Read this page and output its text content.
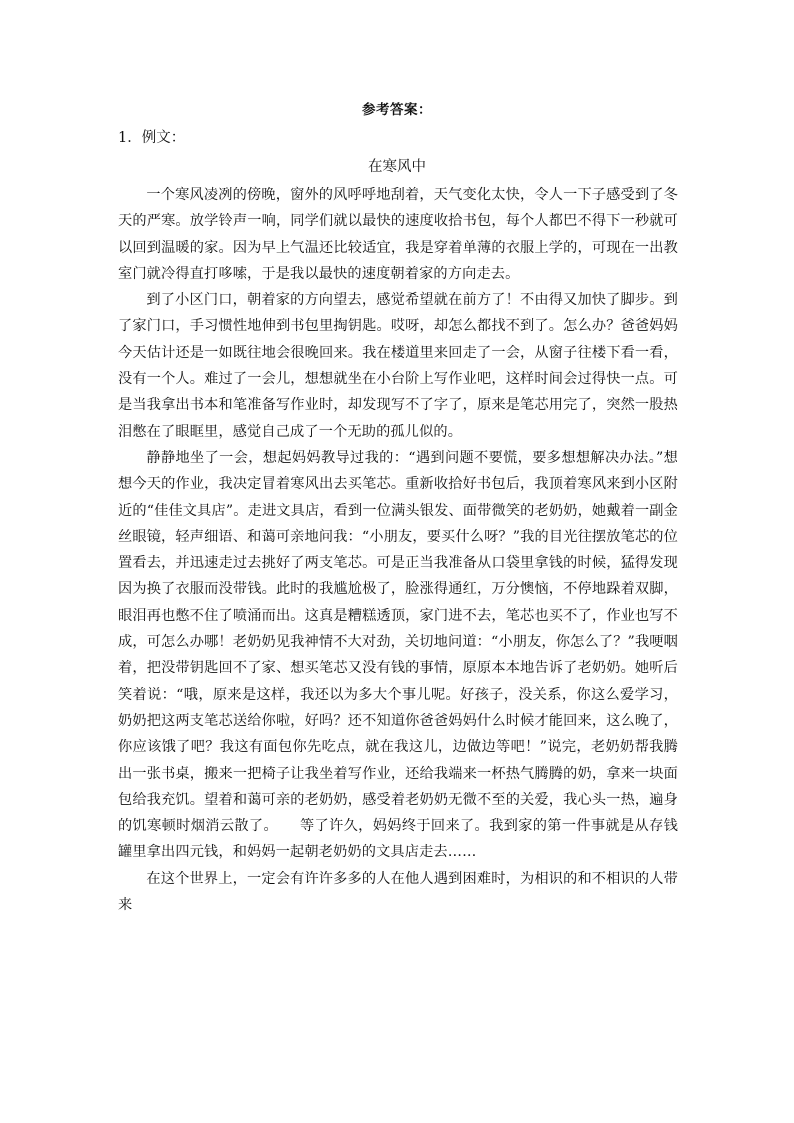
参考答案：
1．例文：
在寒风中

一个寒风凌冽的傍晚，窗外的风呼呼地刮着，天气变化太快，令人一下子感受到了冬天的严寒。放学铃声一响，同学们就以最快的速度收拾书包，每个人都巴不得下一秒就可以回到温暖的家。因为早上气温还比较适宜，我是穿着单薄的衣服上学的，可现在一出教室门就冷得直打哆嗦，于是我以最快的速度朝着家的方向走去。

到了小区门口，朝着家的方向望去，感觉希望就在前方了！不由得又加快了脚步。到了家门口，手习惯性地伸到书包里掏钥匙。哎呀，却怎么都找不到了。怎么办？爸爸妈妈今天估计还是一如既往地会很晚回来。我在楼道里来回走了一会，从窗子往楼下看一看，没有一个人。难过了一会儿，想想就坐在小台阶上写作业吧，这样时间会过得快一点。可是当我拿出书本和笔准备写作业时，却发现写不了字了，原来是笔芯用完了，突然一股热泪憋在了眼眶里，感觉自己成了一个无助的孤儿似的。

静静地坐了一会，想起妈妈教导过我的：“遇到问题不要慌，要多想想解决办法。”想想今天的作业，我决定冒着寒风出去买笔芯。重新收拾好书包后，我顶着寒风来到小区附近的“佳佳文具店”。走进文具店，看到一位满头银发、面带微笑的老奶奶，她戴着一副金丝眼镜，轻声细语、和蔼可亲地问我：“小朋友，要买什么呀？”我的目光往摆放笔芯的位置看去，并迅速走过去挑好了两支笔芯。可是正当我准备从口袋里拿钱的时候，猛得发现因为换了衣服而没带钱。此时的我尴尬极了，脸涨得通红，万分懊恼，不停地跺着双脚，眼泪再也憋不住了喷涌而出。这真是糟糕透顶，家门进不去，笔芯也买不了，作业也写不成，可怎么办哪！老奶奶见我神情不大对劲，关切地问道：“小朋友，你怎么了？”我哽咽着，把没带钥匙回不了家、想买笔芯又没有钱的事情，原原本本地告诉了老奶奶。她听后笑着说：“哦，原来是这样，我还以为多大个事儿呢。好孩子，没关系，你这么爱学习，奶奶把这两支笔芯送给你啦，好吗？还不知道你爸爸妈妈什么时候才能回来，这么晚了，你应该饿了吧？我这有面包你先吃点，就在我这儿，边做边等吧！”说完，老奶奶帮我腾出一张书桌，搬来一把椅子让我坐着写作业，还给我端来一杯热气腾腾的奶，拿来一块面包给我充饥。望着和蔼可亲的老奶奶，感受着老奶奶无微不至的关爱，我心头一热，遍身的饥寒顿时烟消云散了。　　等了许久，妈妈终于回来了。我到家的第一件事就是从存钱罐里拿出四元钱，和妈妈一起朝老奶奶的文具店走去……

在这个世界上，一定会有许许多多的人在他人遇到困难时，为相识的和不相识的人带来
